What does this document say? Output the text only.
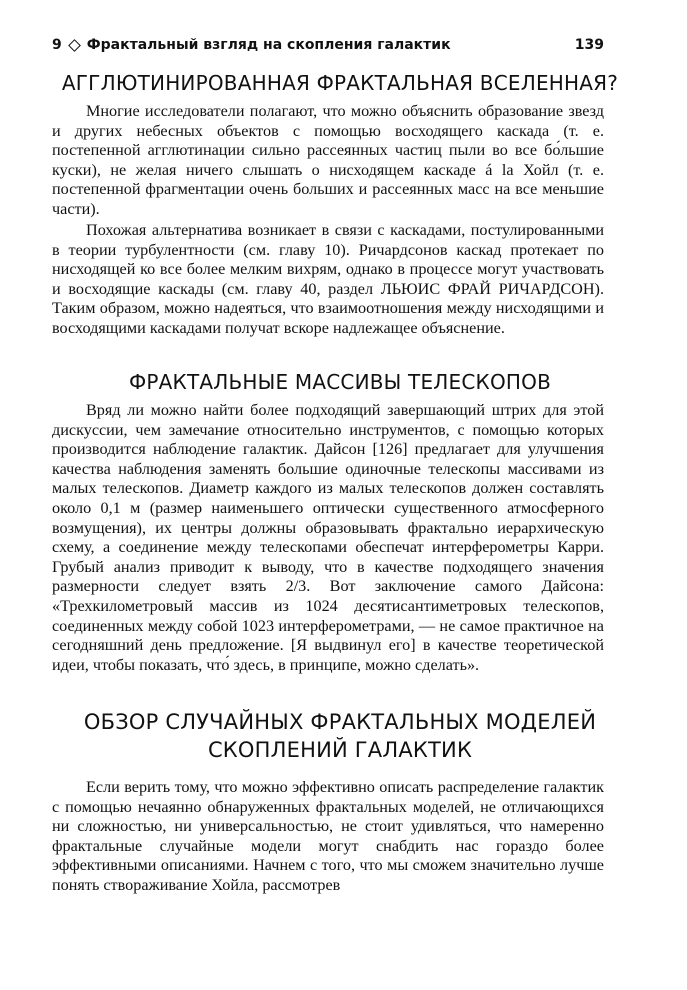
9 Фрактальный взгляд на скопления галактик	139
АГГЛЮТИНИРОВАННАЯ ФРАКТАЛЬНАЯ ВСЕЛЕННАЯ?

Многие исследователи полагают, что можно объяснить образование звезд и других небесных объектов с помощью восходящего каскада (т. е. постепенной агглютинации сильно рассеянных частиц пыли во все бо́льшие куски), не желая ничего слышать о нисходящем каскаде á la Хойл (т. е. постепенной фрагментации очень больших и рассеянных масс на все меньшие части).

Похожая альтернатива возникает в связи с каскадами, постулированными в теории турбулентности (см. главу 10). Ричардсонов каскад протекает по нисходящей ко все более мелким вихрям, однако в процессе могут участвовать и восходящие каскады (см. главу 40, раздел ЛЬЮИС ФРАЙ РИЧАРДСОН). Таким образом, можно надеяться, что взаимоотношения между нисходящими и восходящими каскадами получат вскоре надлежащее объяснение.

ФРАКТАЛЬНЫЕ МАССИВЫ ТЕЛЕСКОПОВ

Вряд ли можно найти более подходящий завершающий штрих для этой дискуссии, чем замечание относительно инструментов, с помощью которых производится наблюдение галактик. Дайсон [126] предлагает для улучшения качества наблюдения заменять большие одиночные телескопы массивами из малых телескопов. Диаметр каждого из малых телескопов должен составлять около 0,1 м (размер наименьшего оптически существенного атмосферного возмущения), их центры должны образовывать фрактально иерархическую схему, а соединение между телескопами обеспечат интерферометры Карри. Грубый анализ приводит к выводу, что в качестве подходящего значения размерности следует взять 2/3. Вот заключение самого Дайсона: «Трехкилометровый массив из 1024 десятисантиметровых телескопов, соединенных между собой 1023 интерферометрами, — не самое практичное на сегодняшний день предложение. [Я выдвинул его] в качестве теоретической идеи, чтобы показать, что́ здесь, в принципе, можно сделать».

ОБЗОР СЛУЧАЙНЫХ ФРАКТАЛЬНЫХ МОДЕЛЕЙ
СКОПЛЕНИЙ ГАЛАКТИК

Если верить тому, что можно эффективно описать распределение галактик с помощью нечаянно обнаруженных фрактальных моделей, не отличающихся ни сложностью, ни универсальностью, не стоит удивляться, что намеренно фрактальные случайные модели могут снабдить нас гораздо более эффективными описаниями. Начнем с того, что мы сможем значительно лучше понять створаживание Хойла, рассмотрев
